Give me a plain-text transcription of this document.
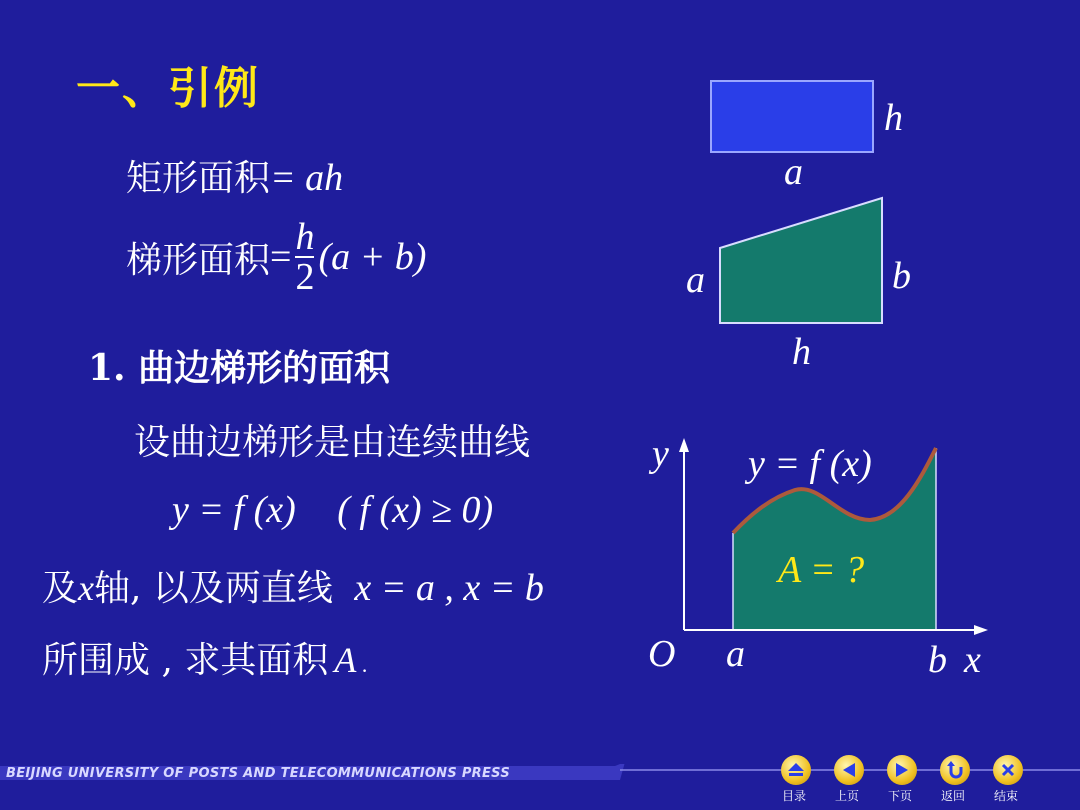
一、引例
矩形面积= ah
梯形面积 = $\frac{h}{2} (a + b)$
1. 曲边梯形的面积
设曲边梯形是由连续曲线
y = f (x) ( f (x) ≥ 0)
及x轴, 以及两直线 x = a , x = b
所围成 , 求其面积 A .
h
a
a	b
h
y y = f (x)
A = ?
O a	b x
BEIJING UNIVERSITY OF POSTS AND TELECOMMUNICATIONS PRESS
目录 上页 下页 返回 结束
